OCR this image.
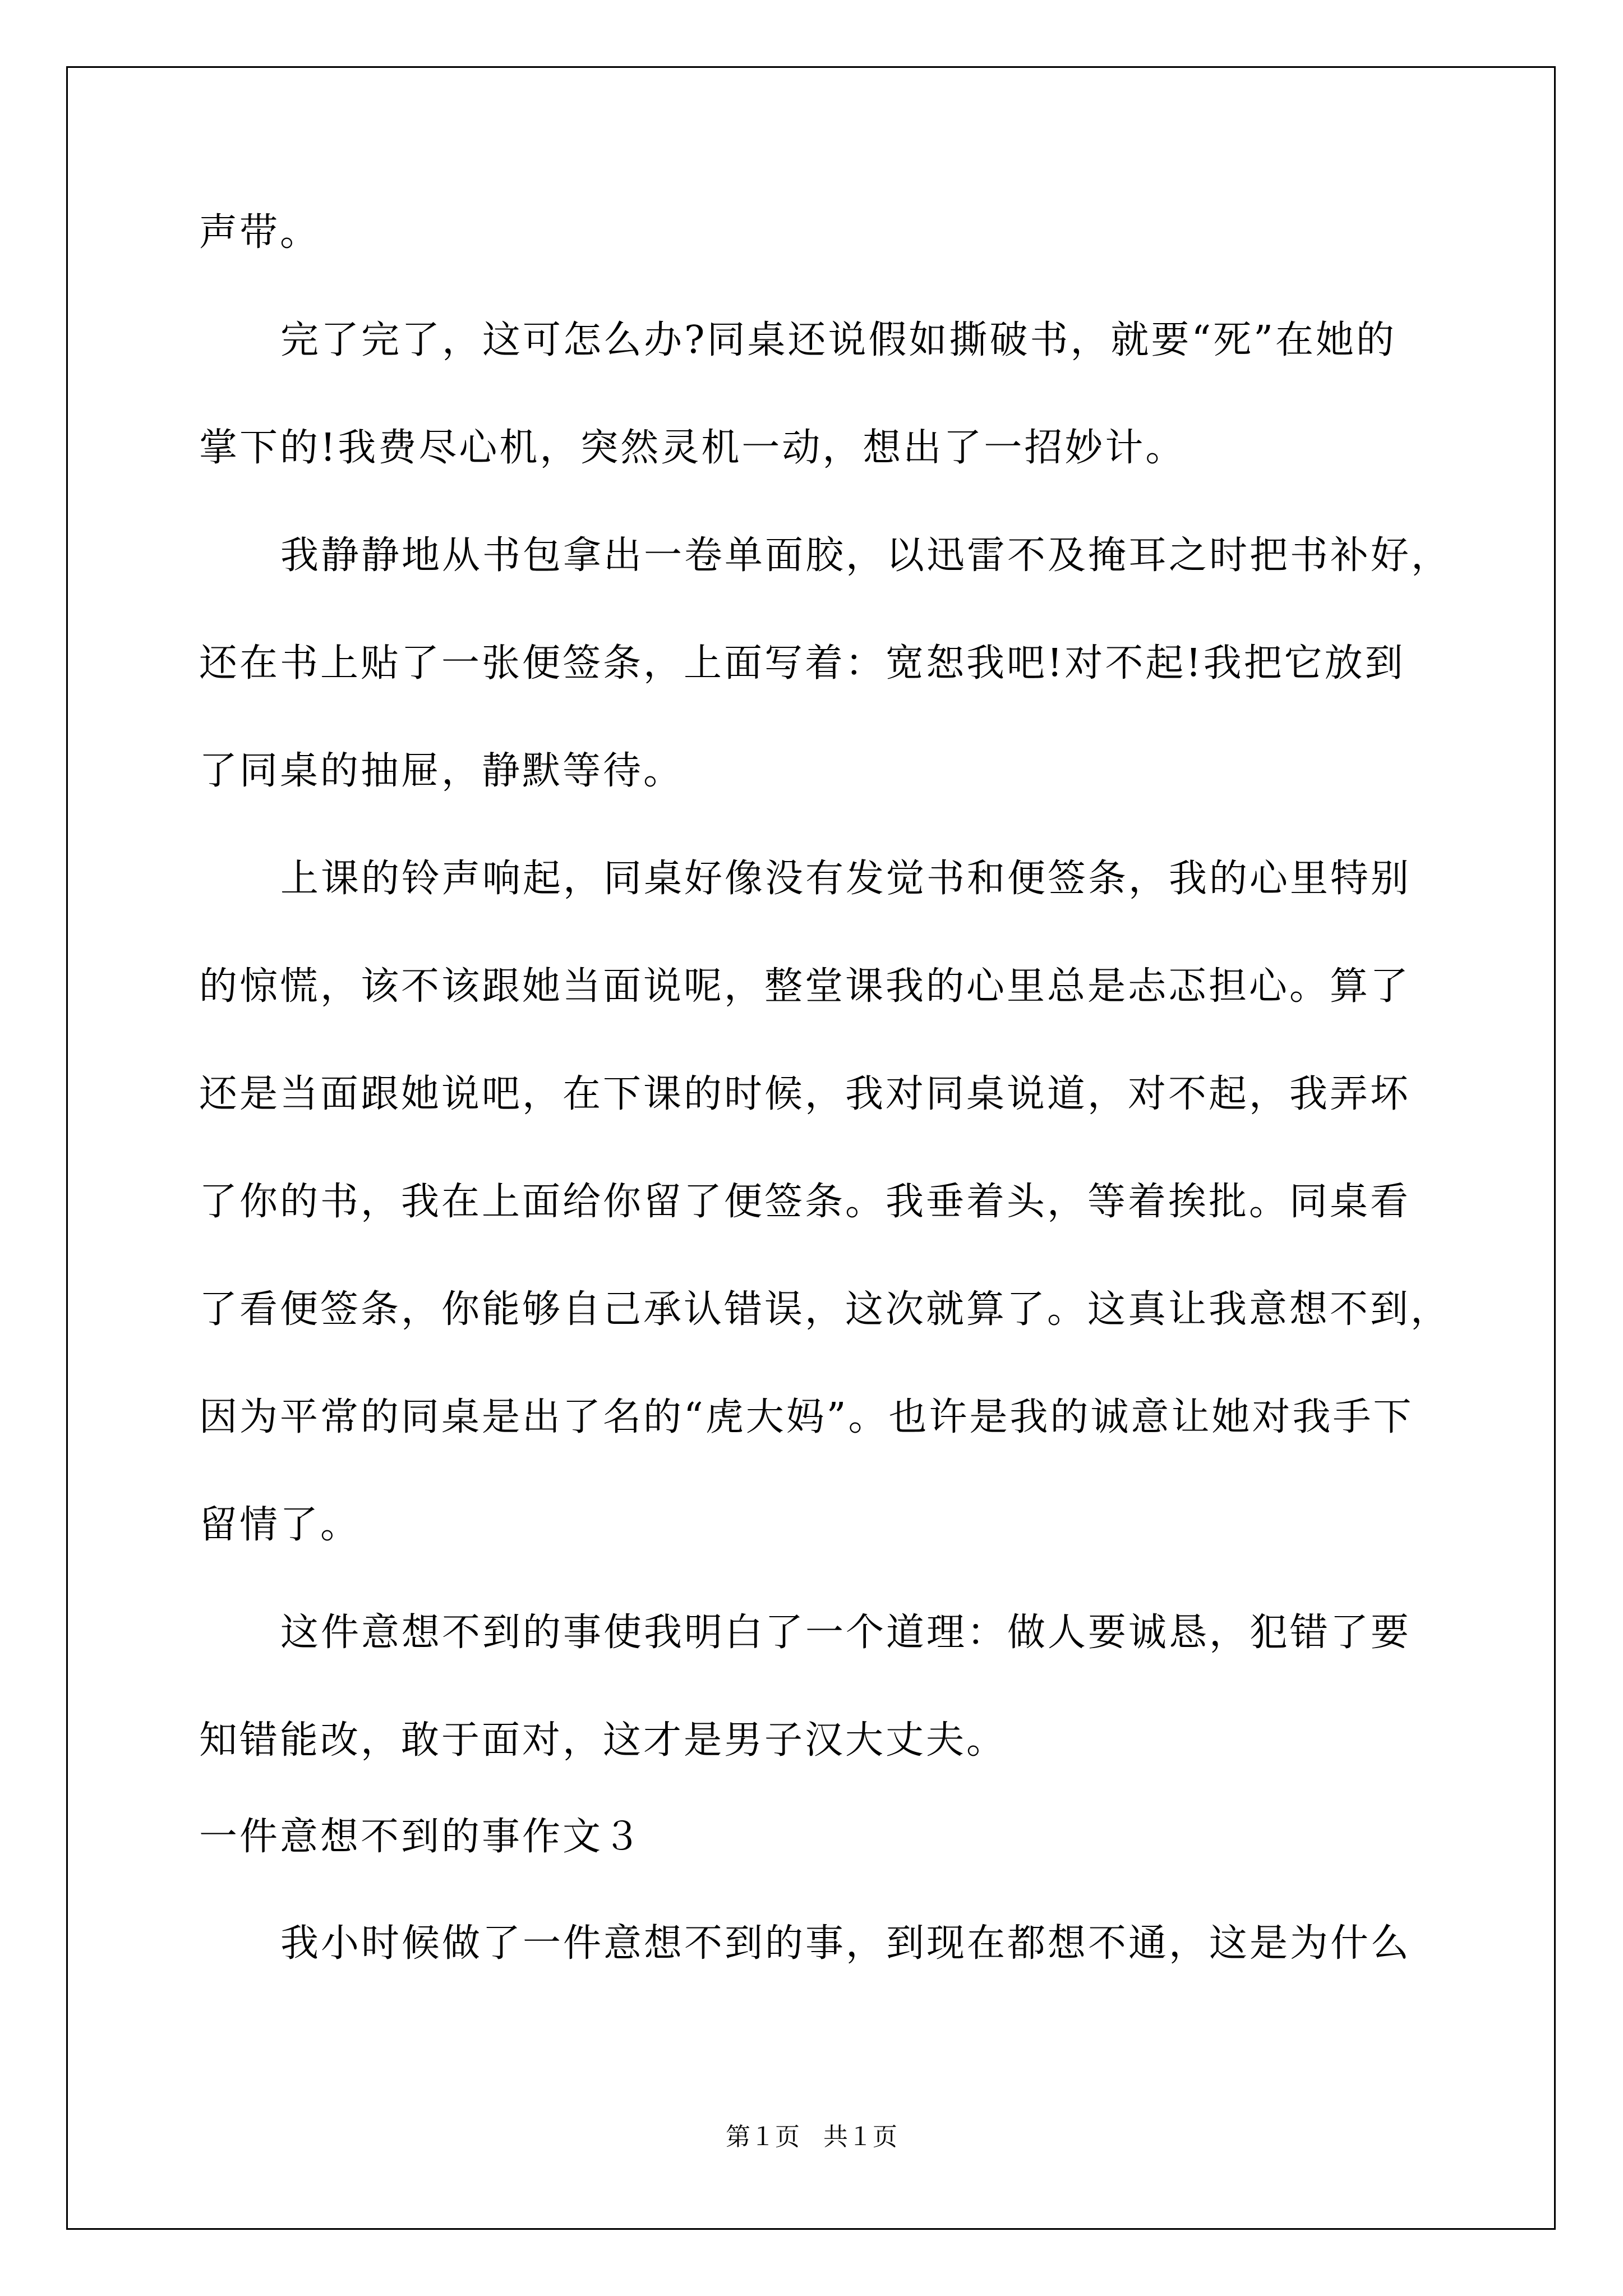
声带。
完了完了，这可怎么办?同桌还说假如撕破书，就要“死”在她的
掌下的!我费尽心机，突然灵机一动，想出了一招妙计。
我静静地从书包拿出一卷单面胶，以迅雷不及掩耳之时把书补好，
还在书上贴了一张便签条，上面写着：宽恕我吧!对不起!我把它放到
了同桌的抽屉，静默等待。
上课的铃声响起，同桌好像没有发觉书和便签条，我的心里特别
的惊慌，该不该跟她当面说呢，整堂课我的心里总是忐忑担心。算了
还是当面跟她说吧，在下课的时候，我对同桌说道，对不起，我弄坏
了你的书，我在上面给你留了便签条。我垂着头，等着挨批。同桌看
了看便签条，你能够自己承认错误，这次就算了。这真让我意想不到，
因为平常的同桌是出了名的“虎大妈”。也许是我的诚意让她对我手下
留情了。
这件意想不到的事使我明白了一个道理：做人要诚恳，犯错了要
知错能改，敢于面对，这才是男子汉大丈夫。
一件意想不到的事作文３
我小时候做了一件意想不到的事，到现在都想不通，这是为什么
第１页 共１页
